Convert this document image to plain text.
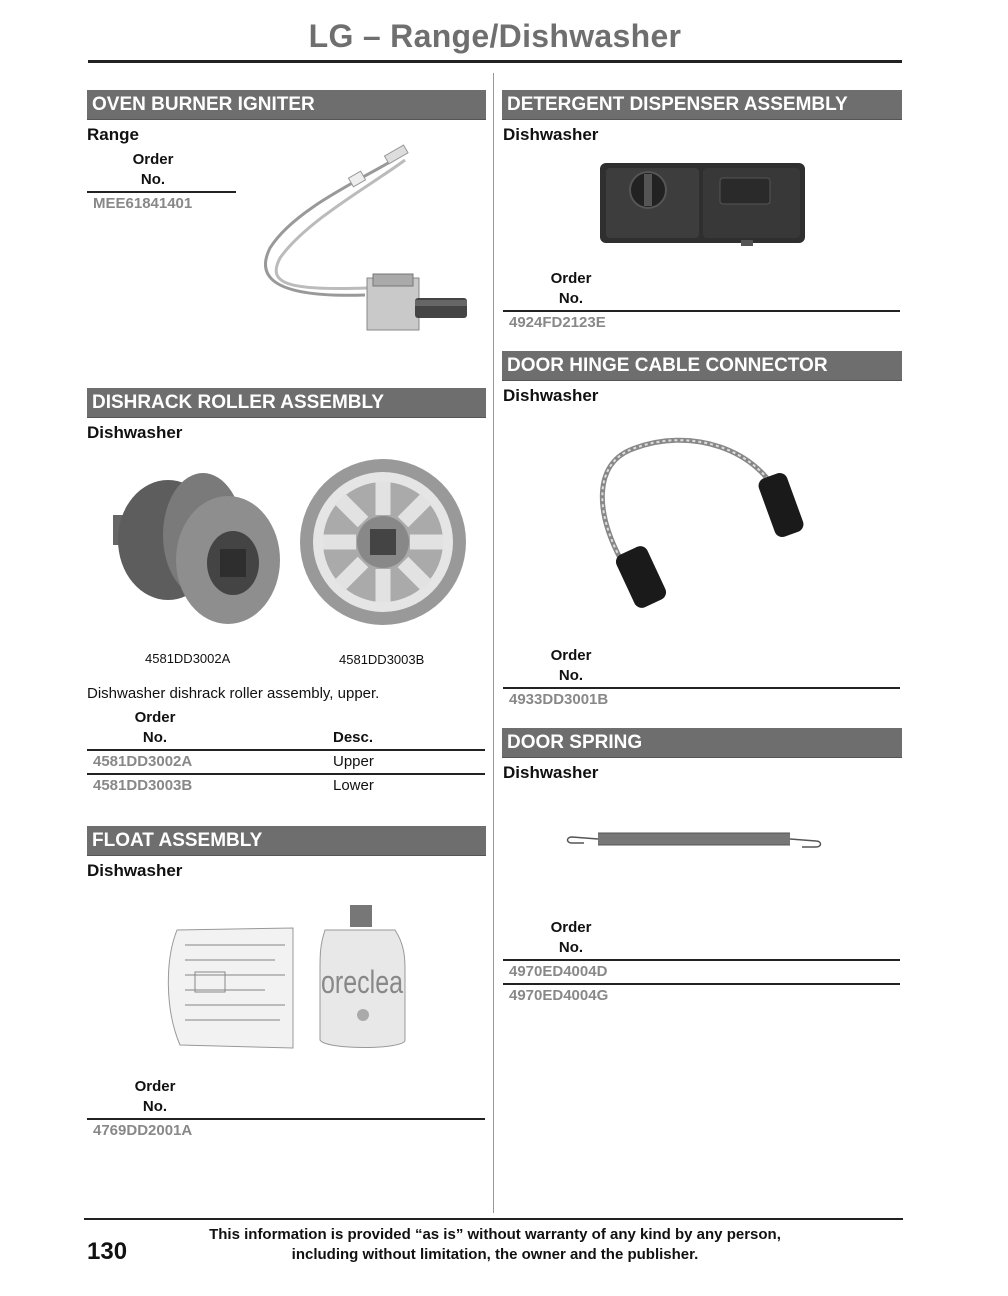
LG – Range/Dishwasher
OVEN BURNER IGNITER
Range
Order
No.
MEE61841401
DISHRACK ROLLER ASSEMBLY
Dishwasher
4581DD3002A	4581DD3003B
Dishwasher dishrack roller assembly, upper.
Order
No.	Desc.
4581DD3002A	Upper
4581DD3003B	Lower
FLOAT ASSEMBLY
Dishwasher
oreclea
Order
No.
4769DD2001A
DETERGENT DISPENSER ASSEMBLY
Dishwasher
Order
No.
4924FD2123E
DOOR HINGE CABLE CONNECTOR
Dishwasher
Order
No.
4933DD3001B
DOOR SPRING
Dishwasher
Order
No.
4970ED4004D
4970ED4004G
130
This information is provided “as is” without warranty of any kind by any person,
including without limitation, the owner and the publisher.
